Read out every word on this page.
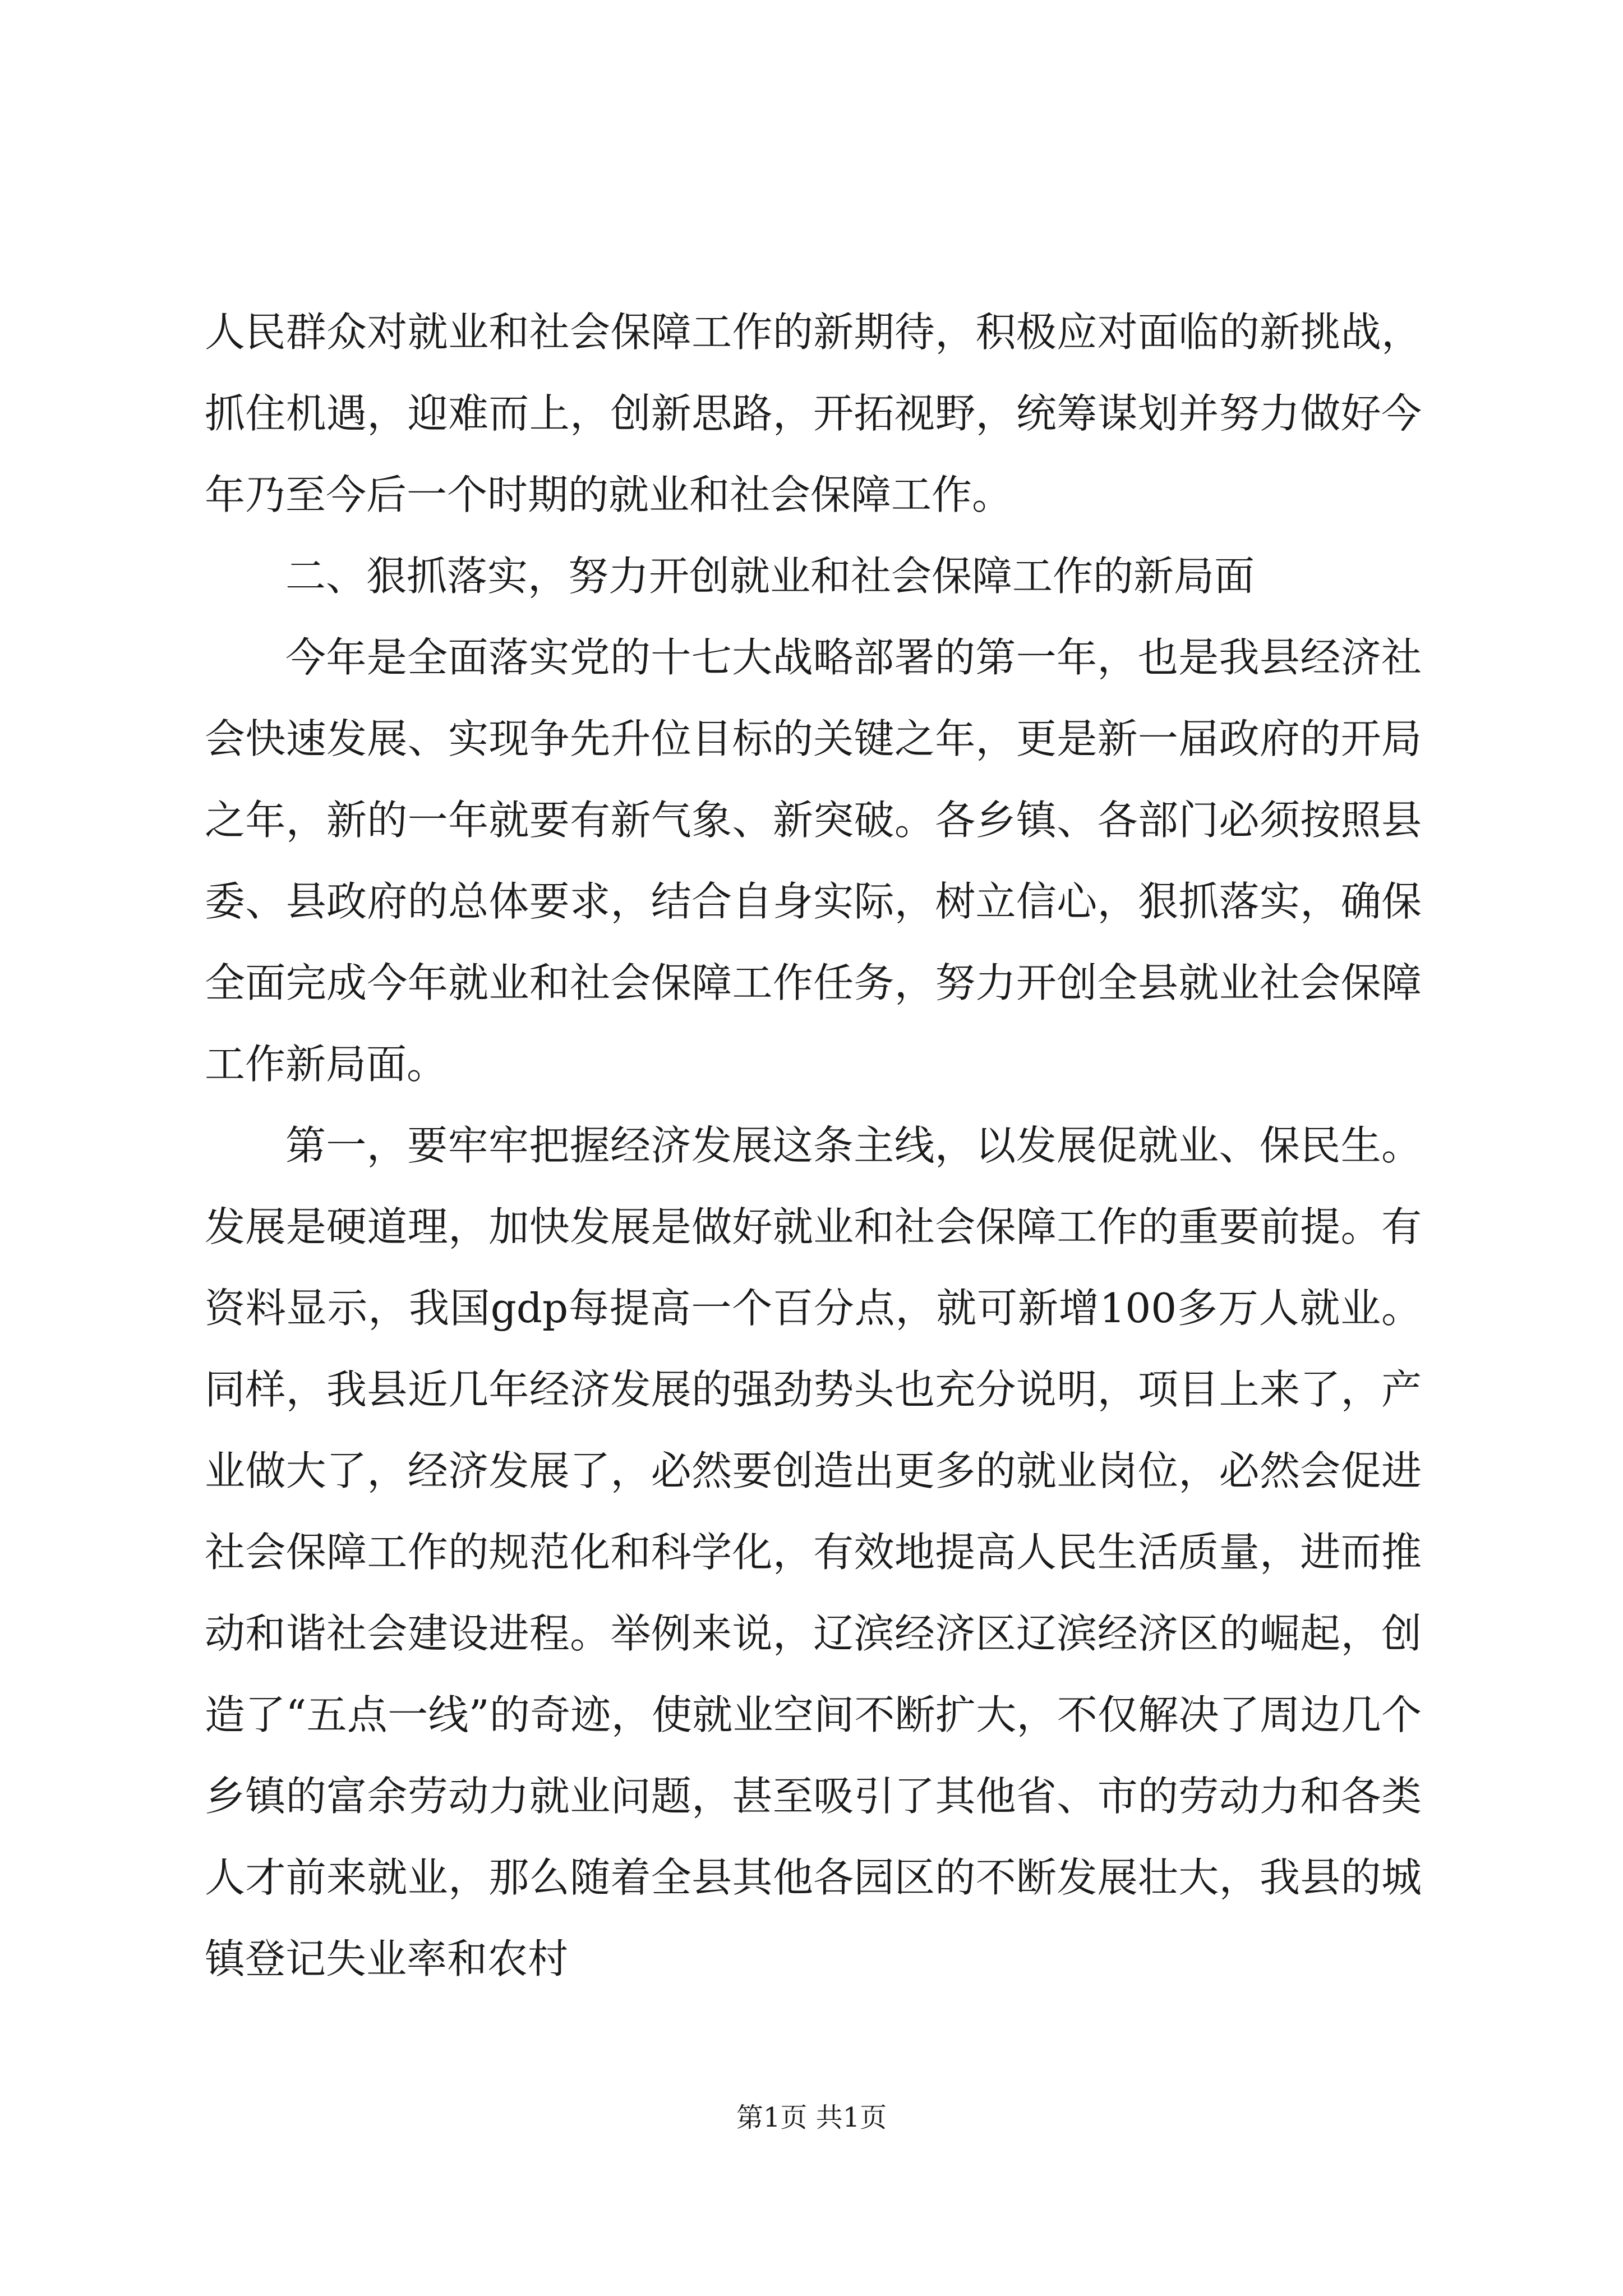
人民群众对就业和社会保障工作的新期待，积极应对面临的新挑战，抓住机遇，迎难而上，创新思路，开拓视野，统筹谋划并努力做好今年乃至今后一个时期的就业和社会保障工作。

二、狠抓落实，努力开创就业和社会保障工作的新局面

今年是全面落实党的十七大战略部署的第一年，也是我县经济社会快速发展、实现争先升位目标的关键之年，更是新一届政府的开局之年，新的一年就要有新气象、新突破。各乡镇、各部门必须按照县委、县政府的总体要求，结合自身实际，树立信心，狠抓落实，确保全面完成今年就业和社会保障工作任务，努力开创全县就业社会保障工作新局面。

第一，要牢牢把握经济发展这条主线，以发展促就业、保民生。发展是硬道理，加快发展是做好就业和社会保障工作的重要前提。有资料显示，我国gdp每提高一个百分点，就可新增100多万人就业。同样，我县近几年经济发展的强劲势头也充分说明，项目上来了，产业做大了，经济发展了，必然要创造出更多的就业岗位，必然会促进社会保障工作的规范化和科学化，有效地提高人民生活质量，进而推动和谐社会建设进程。举例来说，辽滨经济区辽滨经济区的崛起，创造了“五点一线”的奇迹，使就业空间不断扩大，不仅解决了周边几个乡镇的富余劳动力就业问题，甚至吸引了其他省、市的劳动力和各类人才前来就业，那么随着全县其他各园区的不断发展壮大，我县的城镇登记失业率和农村

第1页 共1页
